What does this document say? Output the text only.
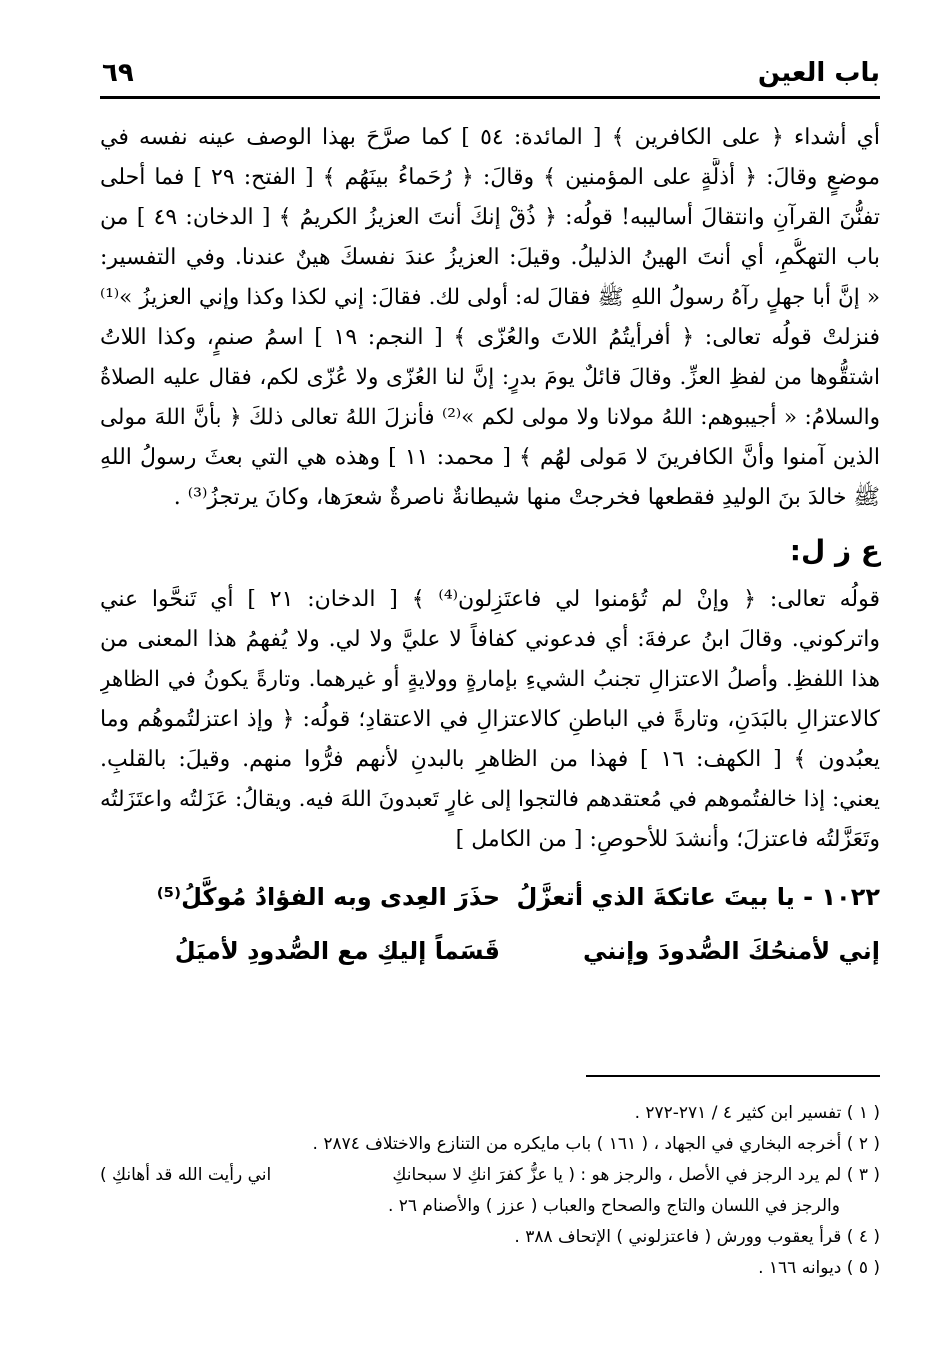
باب العين
٦٩
أي أشداء ﴿ على الكافرين ﴾ [ المائدة: ٥٤ ] كما صرَّحَ بهذا الوصف عينه نفسه في
موضعٍ وقالَ: ﴿ أذلَّةٍ على المؤمنين ﴾ وقالَ: ﴿ رُحَماءُ بينَهُم ﴾ [ الفتح: ٢٩ ] فما أحلى
تفنُّنَ القرآنِ وانتقالَ أساليبه! قولُه: ﴿ ذُقْ إنكَ أنتَ العزيزُ الكريمُ ﴾ [ الدخان: ٤٩ ] من
باب التهكُّمِ، أي أنتَ الهينُ الذليلُ. وقيلَ: العزيزُ عندَ نفسكَ هينٌ عندنا. وفي التفسير:
« إنَّ أبا جهلٍ رآهُ رسولُ اللهِ ﷺ فقالَ له: أولى لك. فقالَ: إني لكذا وكذا وإني العزيزُ »⁽¹⁾
فنزلتْ قولُه تعالى: ﴿ أفرأيتُمُ اللاتَ والعُزّى ﴾ [ النجم: ١٩ ] اسمُ صنمٍ، وكذا اللاتُ
اشتقُّوها من لفظِ العزِّ. وقالَ قائلٌ يومَ بدرٍ: إنَّ لنا العُزّى ولا عُزّى لكم، فقال عليه الصلاةُ
والسلامُ: « أجيبوهم: اللهُ مولانا ولا مولى لكم »⁽²⁾ فأنزلَ اللهُ تعالى ذلكَ ﴿ بأنَّ اللهَ مولى
الذين آمنوا وأنَّ الكافرينَ لا مَولى لهُم ﴾ [ محمد: ١١ ] وهذه هي التي بعثَ رسولُ اللهِ
ﷺ خالدَ بنَ الوليدِ فقطعها فخرجتْ منها شيطانةٌ ناصرةٌ شعرَها، وكانَ يرتجزُ⁽³⁾ .
ع ز ل:
قولُه تعالى: ﴿ وإنْ لم تُؤمنوا لي فاعتَزِلون⁽⁴⁾ ﴾ [ الدخان: ٢١ ] أي تَنحَّوا عني
واتركوني. وقالَ ابنُ عرفةَ: أي فدعوني كفافاً لا عليَّ ولا لي. ولا يُفهمُ هذا المعنى من
هذا اللفظِ. وأصلُ الاعتزالِ تجنبُ الشيءِ بإمارةٍ وولايةٍ أو غيرهما. وتارةً يكونُ في الظاهرِ
كالاعتزالِ بالبَدَنِ، وتارةً في الباطنِ كالاعتزالِ في الاعتقادِ؛ قولُه: ﴿ وإذ اعتزلتُموهُم وما
يعبُدون ﴾ [ الكهف: ١٦ ] فهذا من الظاهرِ بالبدنِ لأنهم فرُّوا منهم. وقيلَ: بالقلبِ.
يعني: إذا خالفتُموهم في مُعتقدهم فالتجوا إلى غارٍ تَعبدونَ اللهَ فيه. ويقالُ: عَزَلتُه واعتَزَلتُه
وتَعَزَّلتُه فاعتزلَ؛ وأنشدَ للأحوصِ: [ من الكامل ]
١٠٢٢ - يا بيتَ عاتكةَ الذي أتعزَّلُ
حذَرَ العِدى وبه الفؤادُ مُوكَّلُ⁽⁵⁾
إني لأمنحُكَ الصُّدودَ وإنني
قَسَماً إليكِ مع الصُّدودِ لأميَلُ
( ١ ) تفسير ابن كثير ٤ / ٢٧١-٢٧٢ .
( ٢ ) أخرجه البخاري في الجهاد ، ( ١٦١ ) باب مايكره من التنازع والاختلاف ٢٨٧٤ .
( ٣ ) لم يرد الرجز في الأصل ، والرجز هو : ( يا عزُّ كفرَ انكِ لا سبحانكِ
اني رأيت الله قد أهانكِ )
والرجز في اللسان والتاج والصحاح والعباب ( عزز ) والأصنام ٢٦ .
( ٤ ) قرأ يعقوب وورش ( فاعتزلوني ) الإتحاف ٣٨٨ .
( ٥ ) ديوانه ١٦٦ .
